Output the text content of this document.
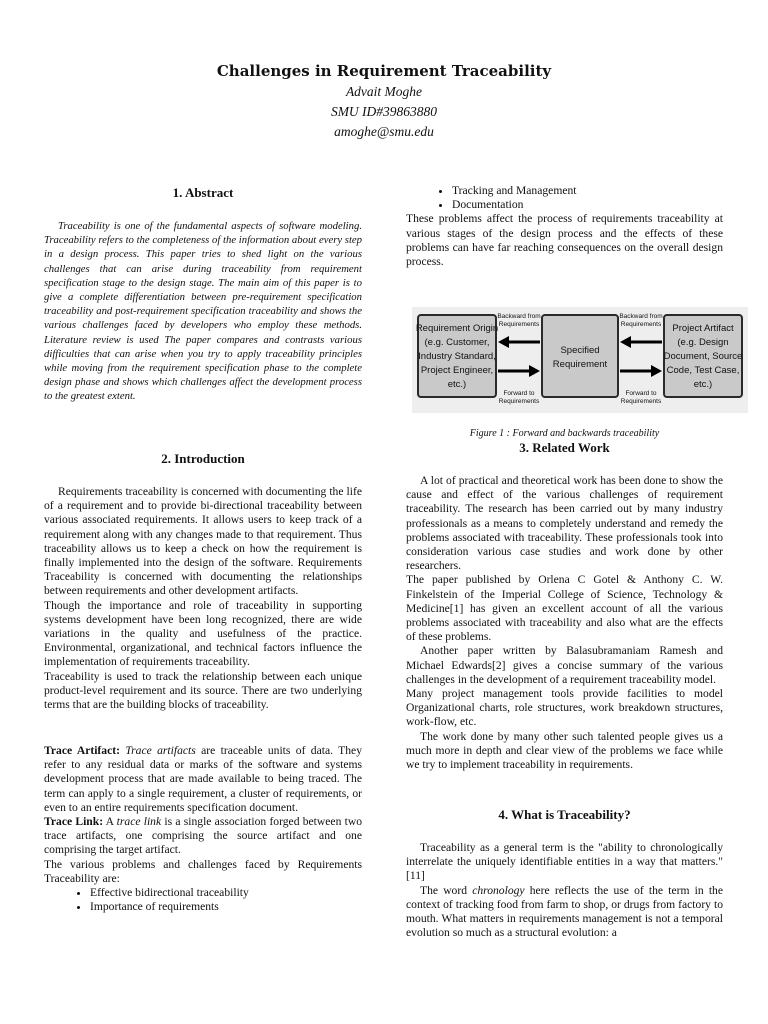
Challenges in Requirement Traceability
Advait Moghe
SMU ID#39863880
amoghe@smu.edu
1. Abstract

Traceability is one of the fundamental aspects of software modeling. Traceability refers to the completeness of the information about every step in a design process. This paper tries to shed light on the various challenges that can arise during traceability from requirement specification stage to the design stage. The main aim of this paper is to give a complete differentiation between pre-requirement specification traceability and post-requirement specification traceability and shows the various challenges faced by developers who employ these methods. Literature review is used The paper compares and contrasts various difficulties that can arise when you try to apply traceability principles while moving from the requirement specification phase to the complete design phase and shows which challenges affect the development process to the greatest extent.

2. Introduction

Requirements traceability is concerned with documenting the life of a requirement and to provide bi-directional traceability between various associated requirements. It allows users to keep track of a requirement along with any changes made to that requirement. Thus traceability allows us to keep a check on how the requirement is finally implemented into the design of the software. Requirements Traceability is concerned with documenting the relationships between requirements and other development artifacts.

Though the importance and role of traceability in supporting systems development have been long recognized, there are wide variations in the quality and usefulness of the practice. Environmental, organizational, and technical factors influence the implementation of requirements traceability.

Traceability is used to track the relationship between each unique product-level requirement and its source. There are two underlying terms that are the building blocks of traceability.

Trace Artifact: Trace artifacts are traceable units of data. They refer to any residual data or marks of the software and systems development process that are made available to being traced. The term can apply to a single requirement, a cluster of requirements, or even to an entire requirements specification document.

Trace Link: A trace link is a single association forged between two trace artifacts, one comprising the source artifact and one comprising the target artifact.

The various problems and challenges faced by Requirements Traceability are:

• Effective bidirectional traceability
• Importance of requirements
• Tracking and Management
• Documentation

These problems affect the process of requirements traceability at various stages of the design process and the effects of these problems can have far reaching consequences on the overall design process.

Requirement Origin
(e.g. Customer,
Industry Standard,
Project Engineer,
etc.)
Specified
Requirement
Project Artifact
(e.g. Design
Document, Source
Code, Test Case,
etc.)
Backward from
Requirements
Backward from
Requirements
Forward to
Requirements
Forward to
Requirements
Figure 1 : Forward and backwards traceability
3. Related Work

A lot of practical and theoretical work has been done to show the cause and effect of the various challenges of requirement traceability. The research has been carried out by many industry professionals as a means to completely understand and remedy the problems associated with traceability. These professionals took into consideration various case studies and work done by other researchers.

The paper published by Orlena C Gotel & Anthony C. W. Finkelstein of the Imperial College of Science, Technology & Medicine[1] has given an excellent account of all the various problems associated with traceability and also what are the effects of these problems.

Another paper written by Balasubramaniam Ramesh and Michael Edwards[2] gives a concise summary of the various challenges in the development of a requirement traceability model.

Many project management tools provide facilities to model Organizational charts, role structures, work breakdown structures, work-flow, etc.

The work done by many other such talented people gives us a much more in depth and clear view of the problems we face while we try to implement traceability in requirements.

4. What is Traceability?

Traceability as a general term is the "ability to chronologically interrelate the uniquely identifiable entities in a way that matters."[11]

The word chronology here reflects the use of the term in the context of tracking food from farm to shop, or drugs from factory to mouth. What matters in requirements management is not a temporal evolution so much as a structural evolution: a
